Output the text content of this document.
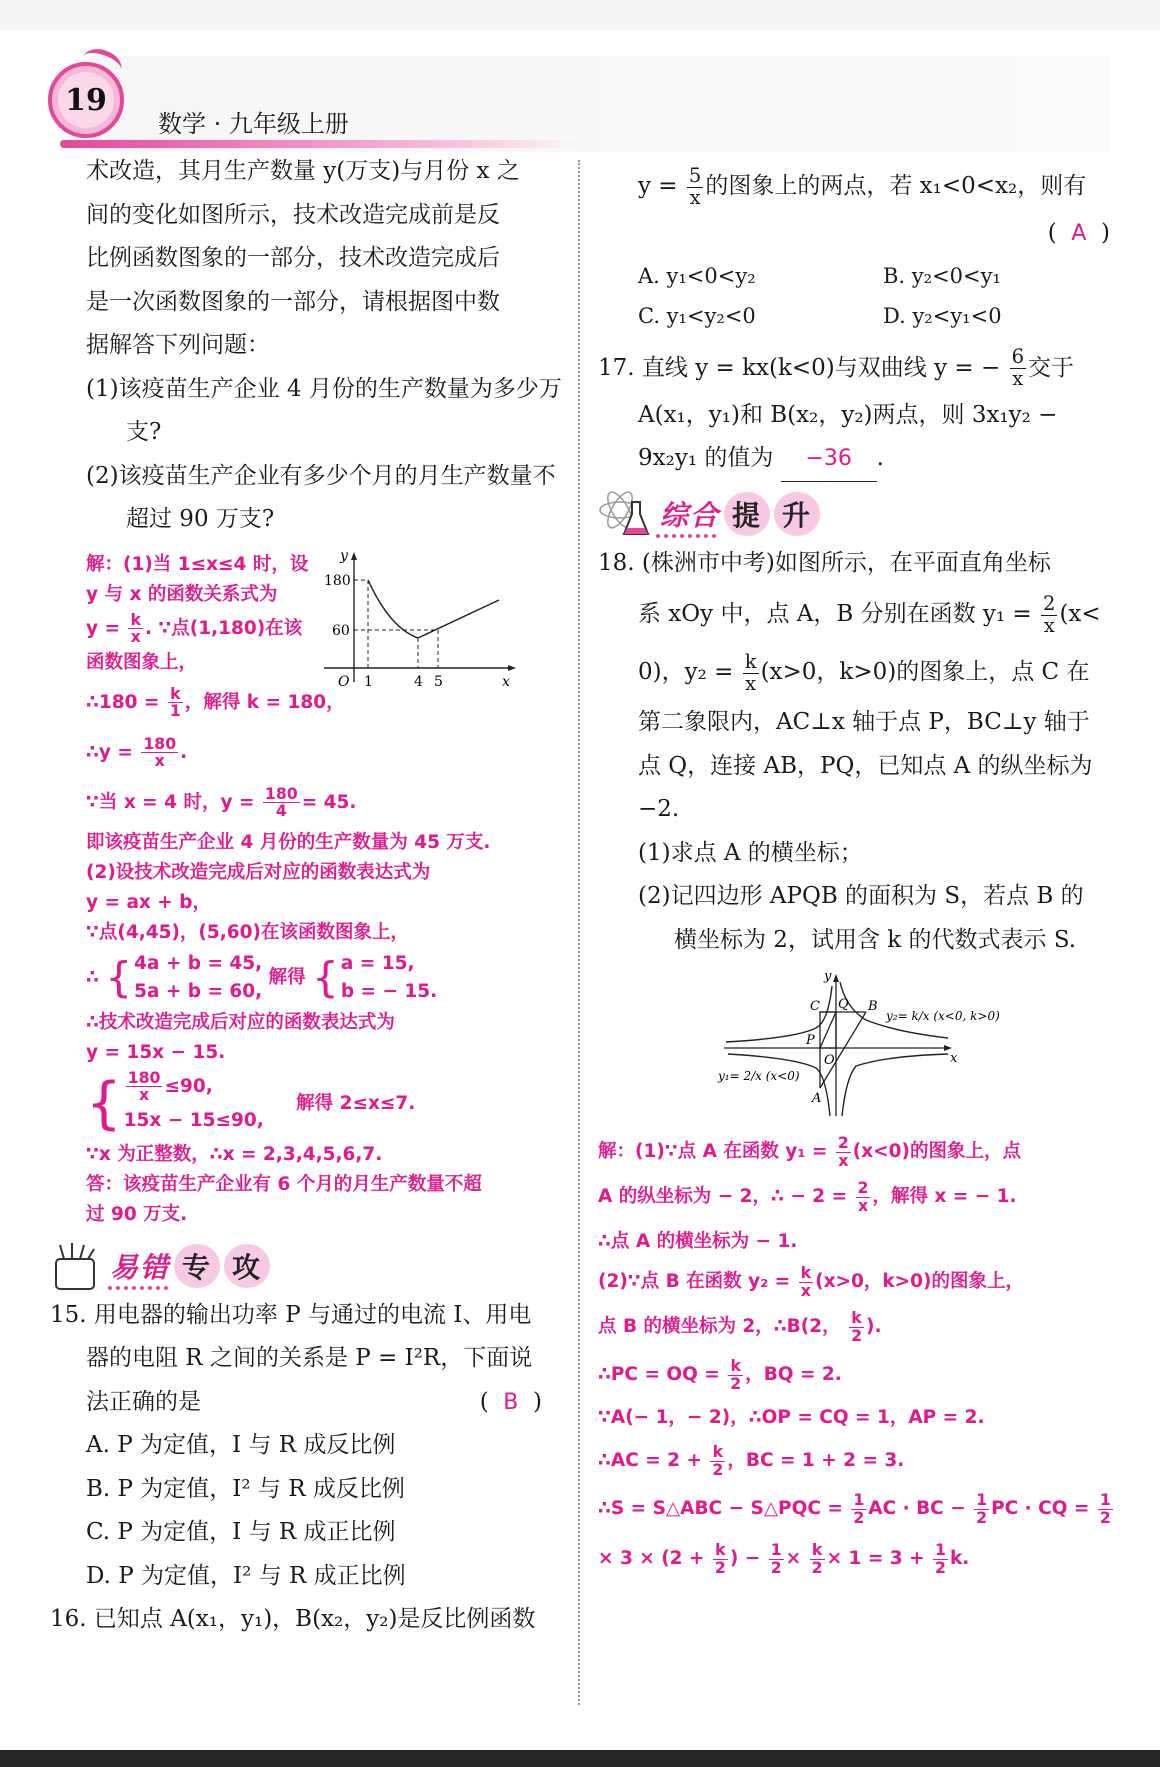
19
数学 · 九年级上册

术改造，其月生产数量 y(万支)与月份 x 之

间的变化如图所示，技术改造完成前是反

比例函数图象的一部分，技术改造完成后

是一次函数图象的一部分，请根据图中数

据解答下列问题：

(1)该疫苗生产企业 4 月份的生产数量为多少万支?

(2)该疫苗生产企业有多少个月的月生产数量不超过 90 万支?

y
x
O
180
60
1	4 5

解：(1)当 1≤x≤4 时，设

y 与 x 的函数关系式为

$y = \frac{k}{x}$ . ∵点(1,180)在该

函数图象上，

∴180 = $\frac{k}{1}$ ，解得 k = 180，

∴y = $\frac{180}{x}$ .

∵当 x = 4 时，$y = \frac{180}{4} = 45$.

即该疫苗生产企业 4 月份的生产数量为 45 万支.

(2)设技术改造完成后对应的函数表达式为

y = ax + b，

∵点(4,45)，(5,60)在该函数图象上，

∴ { 4a + b = 45,
5a + b = 60,
解得 { a = 15,
b = − 15.

∴技术改造完成后对应的函数表达式为

y = 15x − 15.

{ $\frac{180}{x} \le 90$,
15x − 15≤90,
解得 2≤x≤7.

∵x 为正整数，∴x = 2,3,4,5,6,7.

答：该疫苗生产企业有 6 个月的月生产数量不超

过 90 万支.

易错 专 攻

15. 用电器的输出功率 P 与通过的电流 I、用电

器的电阻 R 之间的关系是 P = I²R，下面说

法正确的是	(  B  )

A. P 为定值，I 与 R 成反比例

B. P 为定值，I² 与 R 成反比例

C. P 为定值，I 与 R 成正比例

D. P 为定值，I² 与 R 成正比例

16. 已知点 A(x₁，y₁)，B(x₂，y₂)是反比例函数

$y = \frac{5}{x}$ 的图象上的两点，若 x₁<0<x₂，则有

(  A  )

A. y₁<0<y₂	B. y₂<0<y₁
C. y₁<y₂<0	D. y₂<y₁<0

17. 直线 y = kx(k<0)与双曲线 y = − $\frac{6}{x}$ 交于

A(x₁，y₁)和 B(x₂，y₂)两点，则 3x₁y₂ −

9x₂y₁ 的值为 −36 .

综合 提 升

18. (株洲市中考)如图所示，在平面直角坐标

系 xOy 中，点 A，B 分别在函数 $y_1 = \frac{2}{x} (x<$

0)，$y_2 = \frac{k}{x} (x>0$，k>0)的图象上，点 C 在

第二象限内，AC⊥x 轴于点 P，BC⊥y 轴于

点 Q，连接 AB，PQ，已知点 A 的纵坐标为

−2.

(1)求点 A 的横坐标；

(2)记四边形 APQB 的面积为 S，若点 B 的

横坐标为 2，试用含 k 的代数式表示 S.

y
x
O
C Q B
P
A
y₂= k/x (x<0, k>0)
y₁= 2/x (x<0)

解：(1)∵点 A 在函数 $y_1 = \frac{2}{x} (x<0)$的图象上，点

A 的纵坐标为 − 2，∴ − $2 = \frac{2}{x}$ ，解得 x = − 1.

∴点 A 的横坐标为 − 1.

(2)∵点 B 在函数 $y_2 = \frac{k}{x} (x>0$，k>0)的图象上，

点 B 的横坐标为 2，∴B(2， $\frac{k}{2}$ ).

∴PC = OQ = $\frac{k}{2}$ ，BQ = 2.

∵A(− 1，− 2)，∴OP = CQ = 1，AP = 2.

∴AC = $2 + \frac{k}{2}$ ，BC = 1 + 2 = 3.

∴S = S△ABC − S△PQC = $\frac{1}{2}$ AC · BC − $\frac{1}{2}$ PC · CQ = $\frac{1}{2}$

× $3 \times (2 + \frac{k}{2}$ ) − $\frac{1}{2} \times \frac{k}{2} \times 1 = 3 + \frac{1}{2} k$.
